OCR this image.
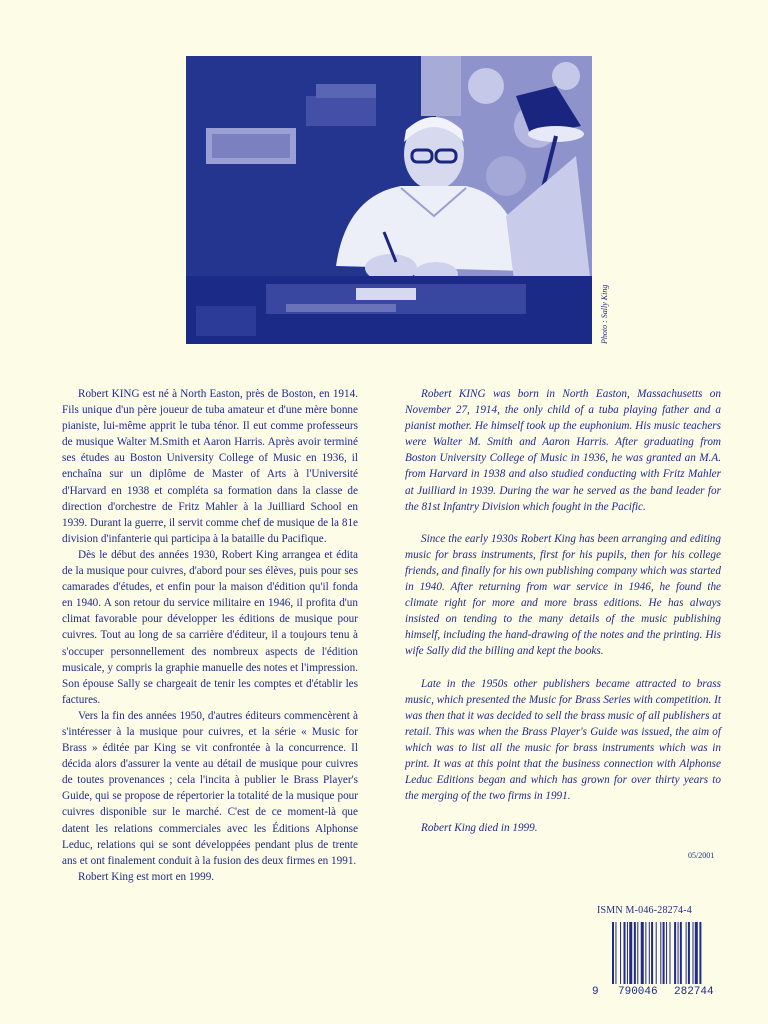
Photo : Sally King

Robert KING est né à North Easton, près de Boston, en 1914. Fils unique d'un père joueur de tuba amateur et d'une mère bonne pianiste, lui-même apprit le tuba ténor. Il eut comme professeurs de musique Walter M.Smith et Aaron Harris. Après avoir terminé ses études au Boston University College of Music en 1936, il enchaîna sur un diplôme de Master of Arts à l'Université d'Harvard en 1938 et compléta sa formation dans la classe de direction d'orchestre de Fritz Mahler à la Juilliard School en 1939. Durant la guerre, il servit comme chef de musique de la 81e division d'infanterie qui participa à la bataille du Pacifique.

Dès le début des années 1930, Robert King arrangea et édita de la musique pour cuivres, d'abord pour ses élèves, puis pour ses camarades d'études, et enfin pour la maison d'édition qu'il fonda en 1940. A son retour du service militaire en 1946, il profita d'un climat favorable pour développer les éditions de musique pour cuivres. Tout au long de sa carrière d'éditeur, il a toujours tenu à s'occuper personnellement des nombreux aspects de l'édition musicale, y compris la graphie manuelle des notes et l'impression. Son épouse Sally se chargeait de tenir les comptes et d'établir les factures.

Vers la fin des années 1950, d'autres éditeurs commencèrent à s'intéresser à la musique pour cuivres, et la série « Music for Brass » éditée par King se vit confrontée à la concurrence. Il décida alors d'assurer la vente au détail de musique pour cuivres de toutes provenances ; cela l'incita à publier le Brass Player's Guide, qui se propose de répertorier la totalité de la musique pour cuivres disponible sur le marché. C'est de ce moment-là que datent les relations commerciales avec les Éditions Alphonse Leduc, relations qui se sont développées pendant plus de trente ans et ont finalement conduit à la fusion des deux firmes en 1991.

Robert King est mort en 1999.

Robert KING was born in North Easton, Massachusetts on November 27, 1914, the only child of a tuba playing father and a pianist mother. He himself took up the euphonium. His music teachers were Walter M. Smith and Aaron Harris. After graduating from Boston University College of Music in 1936, he was granted an M.A. from Harvard in 1938 and also studied conducting with Fritz Mahler at Juilliard in 1939. During the war he served as the band leader for the 81st Infantry Division which fought in the Pacific.

Since the early 1930s Robert King has been arranging and editing music for brass instruments, first for his pupils, then for his college friends, and finally for his own publishing company which was started in 1940. After returning from war service in 1946, he found the climate right for more and more brass editions. He has always insisted on tending to the many details of the music publishing himself, including the hand-drawing of the notes and the printing. His wife Sally did the billing and kept the books.

Late in the 1950s other publishers became attracted to brass music, which presented the Music for Brass Series with competition. It was then that it was decided to sell the brass music of all publishers at retail. This was when the Brass Player's Guide was issued, the aim of which was to list all the music for brass instruments which was in print. It was at this point that the business connection with Alphonse Leduc Editions began and which has grown for over thirty years to the merging of the two firms in 1991.

Robert King died in 1999.

05/2001
ISMN M-046-28274-4
9 790046 282744
